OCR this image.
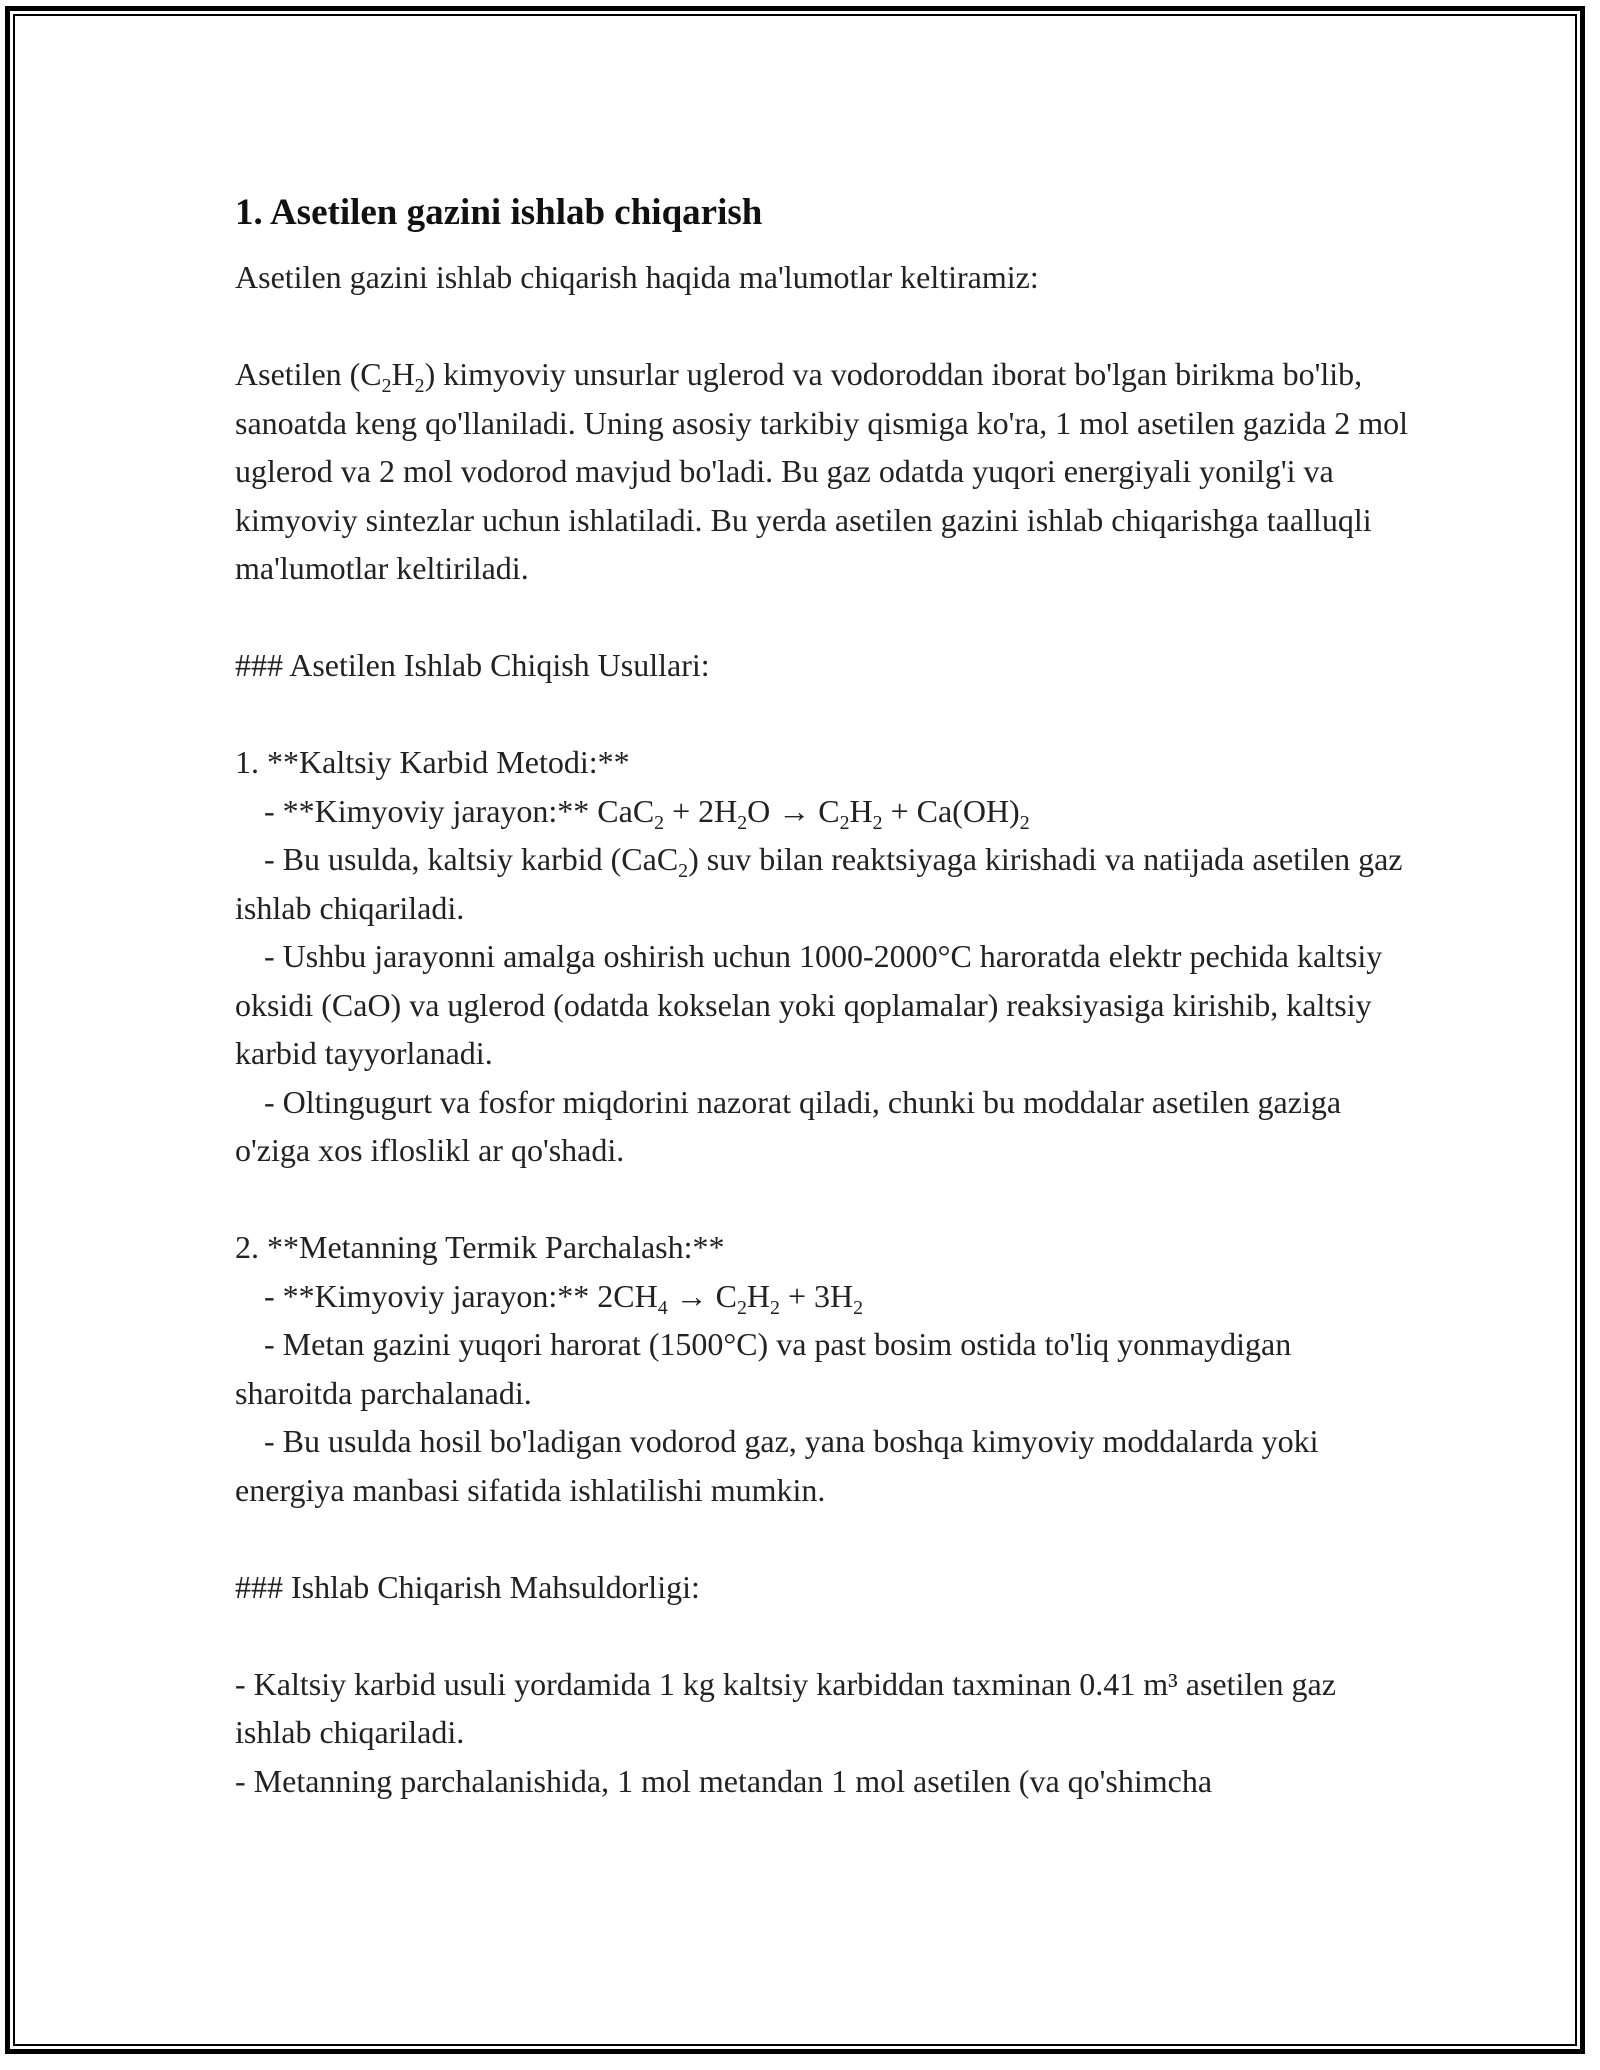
1. Asetilen gazini ishlab chiqarish

Asetilen gazini ishlab chiqarish haqida ma'lumotlar keltiramiz:

Asetilen $(C_2H_2)$ kimyoviy unsurlar uglerod va vodoroddan iborat bo'lgan birikma bo'lib, sanoatda keng qo'llaniladi. Uning asosiy tarkibiy qismiga ko'ra, 1 mol asetilen gazida 2 mol uglerod va 2 mol vodorod mavjud bo'ladi. Bu gaz odatda yuqori energiyali yonilg'i va kimyoviy sintezlar uchun ishlatiladi. Bu yerda asetilen gazini ishlab chiqarishga taalluqli ma'lumotlar keltiriladi.

### Asetilen Ishlab Chiqish Usullari:

1. **Kaltsiy Karbid Metodi:**

- **Kimyoviy jarayon:** $CaC_2 + 2H_2O \to C_2H_2 + Ca(OH)_2$

- Bu usulda, kaltsiy karbid (CaC$_2$) suv bilan reaktsiyaga kirishadi va natijada asetilen gaz ishlab chiqariladi.

- Ushbu jarayonni amalga oshirish uchun 1000-2000°C haroratda elektr pechida kaltsiy oksidi (CaO) va uglerod (odatda kokselan yoki qoplamalar) reaksiyasiga kirishib, kaltsiy karbid tayyorlanadi.

- Oltingugurt va fosfor miqdorini nazorat qiladi, chunki bu moddalar asetilen gaziga o'ziga xos ifloslikl ar qo'shadi.

2. **Metanning Termik Parchalash:**

- **Kimyoviy jarayon:** $2CH_4 \to C_2H_2 + 3H_2$

- Metan gazini yuqori harorat (1500°C) va past bosim ostida to'liq yonmaydigan sharoitda parchalanadi.

- Bu usulda hosil bo'ladigan vodorod gaz, yana boshqa kimyoviy moddalarda yoki energiya manbasi sifatida ishlatilishi mumkin.

### Ishlab Chiqarish Mahsuldorligi:

- Kaltsiy karbid usuli yordamida 1 kg kaltsiy karbiddan taxminan 0.41 m³ asetilen gaz ishlab chiqariladi.

- Metanning parchalanishida, 1 mol metandan 1 mol asetilen (va qo'shimcha
